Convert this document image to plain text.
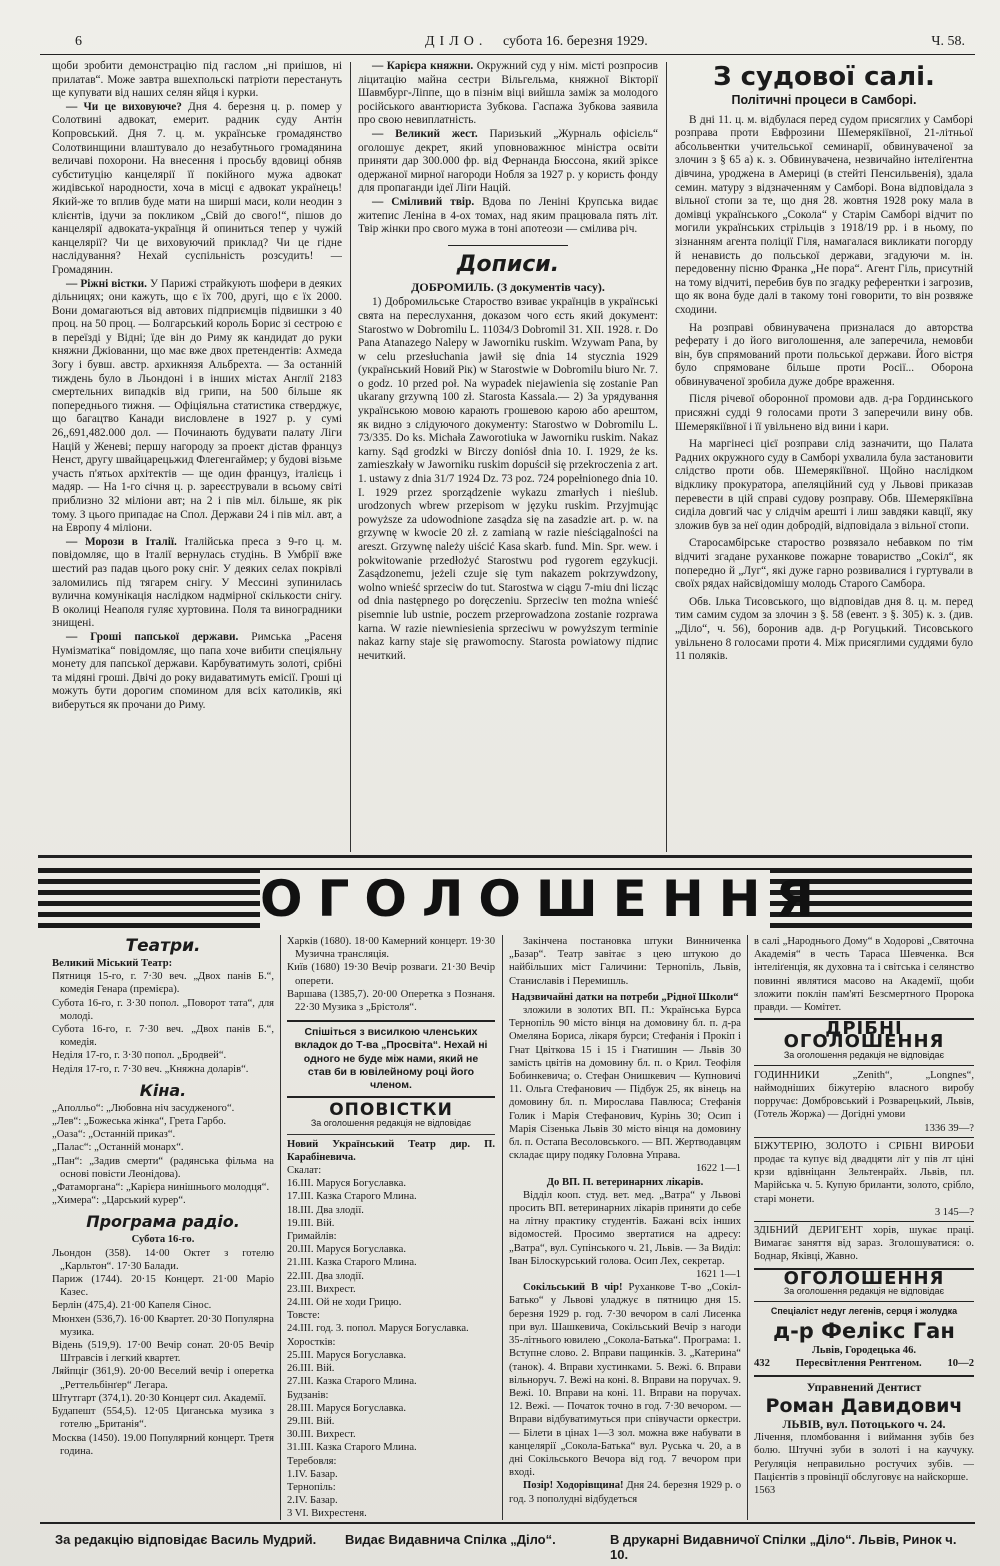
6	ДІЛО. субота 16. березня 1929.	Ч. 58.

щоби зробити демонстрацію під гаслом „ні приішов, ні прилатав“. Може завтра вшехпольскі патріоти перестануть ще купувати від наших селян яйця і курки.

— Чи це виховуюче? Дня 4. березня ц. р. помер у Солотвині адвокат, емерит. радник суду Антін Копровський. Дня 7. ц. м. українське громадянство Солотвинщини влаштувало до незабутнього громадянина величаві похорони. На внесення і просьбу вдовиці обняв субституцію канцелярії її покійного мужа адвокат жидівської народности, хоча в місці є адвокат українець! Який-же то вплив буде мати на ширші маси, коли неодин з клієнтів, ідучи за покликом „Свій до свого!“, пішов до канцелярії адвоката-українця й опиниться тепер у чужій канцелярії? Чи це виховуючий приклад? Чи це гідне наслідування? Нехай суспільність розсудить! — Громадянин.

— Ріжні вістки. У Парижі страйкують шофери в деяких дільницях; они кажуть, що є їх 700, другі, що є їх 2000. Вони домагаються від автових підприємців підвишки з 40 проц. на 50 проц. — Болгарський король Борис зі сестрою є в переїзді у Відні; їде він до Риму як кандидат до руки княжни Джіованни, що має вже двох претендентів: Ахмеда Зогу і бувш. австр. архикнязя Альбрехта. — За останній тиждень було в Льондоні і в інших містах Англії 2183 смертельних випадків від грипи, на 500 більше як попереднього тижня. — Офіціяльна статистика стверджує, що багацтво Канади висловлене в 1927 р. у сумі 26,,691,482.000 дол. — Починають будувати палату Ліги Націй у Женеві; першу нагороду за проект дістав француз Ненст, другу швайцарецьжид Флегенгаймер; у будові візьме участь п'ятьох архітектів — ще один француз, італієць і мадяр. — На 1-го січня ц. р. зареєстрували в всьому світі приблизно 32 міліони авт; на 2 і пів міл. більше, як рік тому. З цього припадає на Спол. Держави 24 і пів міл. авт, а на Европу 4 міліони.

— Морози в Італії. Італійська преса з 9-го ц. м. повідомляє, що в Італії вернулась студінь. В Умбрії вже шестий раз падав цього року сніг. У деяких селах покрівлі заломились під тягарем снігу. У Мессині зупинилась вулична комунікація наслідком надмірної скількости снігу. В околиці Неаполя гуляє хуртовина. Поля та виноградники знищені.

— Гроші папської держави. Римська „Расеня Нумізматіка“ повідомляє, що папа хоче вибити спеціяльну монету для папської держави. Карбуватимуть золоті, срібні та мідяні гроші. Двічі до року видаватимуть емісії. Гроші ці можуть бути дорогим спомином для всіх католиків, які виберуться як прочани до Риму.

— Карієра княжни. Окружний суд у нім. місті розпросив ліцитацію майна сестри Вільгельма, княжної Вікторії Шавмбург-Ліппе, що в пізнім віці вийшла заміж за молодого російського авантюриста Зубкова. Гаспажа Зубкова заявила про свою невиплатність.

— Великий жест. Паризький „Журналь офісієль“ оголошує декрет, який уповноважнює міністра освіти приняти дар 300.000 фр. від Фернанда Бюссона, який зріксе одержаної мирної нагороди Нобля за 1927 р. у користь фонду для пропаганди ідеї Ліґи Націй.

— Сміливий твір. Вдова по Леніні Крупська видає житепис Леніна в 4-ох томах, над яким працювала пять літ. Твір жінки про свого мужа в тоні апотеози — смілива річ.

Дописи.
ДОБРОМИЛЬ. (З документів часу).

1) Добромильське Староство взиває українців в українські свята на переслухання, доказом чого єсть який документ: Starostwo w Dobromilu L. 11034/3 Dobromil 31. XII. 1928. r. Do Pana Atanazego Nalepy w Jaworniku ruskim. Wzywam Pana, by w celu przesłuchania jawił się dnia 14 stycznia 1929 (український Новий Рік) w Starostwie w Dobromilu biuro Nr. 7. o godz. 10 przed poł. Na wypadek niejawienia się zostanie Pan ukarany grzywną 100 zł. Starosta Kassala.— 2) За урядування українською мовою карають грошевою карою або арештом, як видно з слідуючого документу: Starostwo w Dobromilu L. 73/335. Do ks. Michała Zaworotiuka w Jaworniku ruskim. Nakaz karny. Sąd grodzki w Birczy doniósł dnia 10. I. 1929, że ks. zamieszkały w Jaworniku ruskim dopuścił się przekroczenia z art. 1. ustawy z dnia 31/7 1924 Dz. 73 poz. 724 popełnionego dnia 10. I. 1929 przez sporządzenie wykazu zmarłych i nieślub. urodzonych wbrew przepisom w języku ruskim. Przyjmując powyższe za udowodnione zasądza się na zasadzie art. p. w. na grzywnę w kwocie 20 zł. z zamianą w razie nieściągalności na areszt. Grzywnę należy uiścić Kasa skarb. fund. Min. Spr. wew. i pokwitowanie przedłożyć Starostwu pod rygorem egzykucji. Zasądzonemu, jeżeli czuje się tym nakazem pokrzywdzony, wolno wnieść sprzeciw do tut. Starostwa w ciągu 7-miu dni licząc od dnia następnego po doręczeniu. Sprzeciw ten można wnieść pisemnie lub ustnie, poczem przeprowadzona zostanie rozprawa karna. W razie niewniesienia sprzeciwu w powyższym terminie nakaz karny staje się prawomocny. Starosta powiatowy підпис нечиткий.

З судової салі.
Політичні процеси в Самборі.

В дні 11. ц. м. відбулася перед судом присяглих у Самборі розправа проти Евфрозини Шемерякіївної, 21-літньої абсольвентки учительської семинарії, обвинуваченої за злочин з § 65 а) к. з. Обвинувачена, незвичайно інтеліґентна дівчина, уроджена в Америці (в стейті Пенсильвенія), здала семин. матуру з відзначенням у Самборі. Вона відповідала з вільної стопи за те, що дня 28. жовтня 1928 року мала в домівці українського „Сокола“ у Старім Самборі відчит по могили українських стрільців з 1918/19 рр. і в ньому, по зізнанням агента поліції Гіля, намагалася викликати погорду й ненависть до польської держави, згадуючи м. ін. передовенну пісню Франка „Не пора“. Агент Гіль, присутній на тому відчиті, перебив був по згадку референтки і загрозив, що як вона буде далі в такому тоні говорити, то він розвяже сходини.

На розправі обвинувачена призналася до авторства реферату і до його виголошення, але заперечила, немовби він, був спрямований проти польської держави. Його вістря було спрямоване більше проти Росії... Оборона обвинуваченої зробила дуже добре враження.

Після річевої оборонної промови адв. д-ра Гординського присяжні судді 9 голосами проти 3 заперечили вину обв. Шемерякіївної і її увільнено від вини і кари.

На маргінесі цієї розправи слід зазначити, що Палата Радних окружного суду в Самборі ухвалила була застановити слідство проти обв. Шемерякіївної. Щойно наслідком відклику прокуратора, апеляційний суд у Львові приказав перевести в цій справі судову розправу. Обв. Шемерякіївна сиділа довгий час у слідчім арешті і лиш завдяки кавції, яку зложив був за неї один добродій, відповідала з вільної стопи.

Старосамбірське староство розвязало небавком по тім відчиті згадане руханкове пожарне товариство „Сокіл“, як попередно й „Луг“, які дуже гарно розвивалися і гуртували в своїх рядах найсвідомішу молодь Старого Самбора.

Обв. Ілька Тисовського, що відповідав дня 8. ц. м. перед тим самим судом за злочин з §. 58 (евент. з §. 305) к. з. (див. „Діло“, ч. 56), боронив адв. д-р Рогуцький. Тисовського увільнено 8 голосами проти 4. Між присяглими суддями було 11 поляків.

ОГОЛОШЕННЯ
Театри.
Великий Міський Театр:
Пятниця 15-го, г. 7·30 веч. „Двох панів Б.“, комедія Генара (премієра).
Субота 16-го, г. 3·30 попол. „Поворот тата“, для молоді.
Субота 16-го, г. 7·30 веч. „Двох панів Б.“, комедія.
Неділя 17-го, г. 3·30 попол. „Бродвей“.
Неділя 17-го, г. 7·30 веч. „Княжна доларів“.
Кіна.
„Аполльо“: „Любовна ніч засудженого“.
„Лев“: „Божеська жінка“, Грета Гарбо.
„Оаза“: „Останній приказ“.
„Палас“: „Останній монарх“.
„Пан“: „Задив смерти“ (радянська фільма на основі повісти Леонідова).
„Фатаморгана“: „Карієра нинішнього молодця“.
„Химера“: „Царський курер“.
Програма радіо.
Субота 16-го.
Льондон (358). 14·00 Октет з готелю „Карльтон“. 17·30 Балади.
Париж (1744). 20·15 Концерт. 21·00 Маріо Казес.
Берлін (475,4). 21·00 Капеля Сінос.
Мюнхен (536,7). 16·00 Квартет. 20·30 Популярна музика.
Відень (519,9). 17·00 Вечір сонат. 20·05 Вечір Штравсів і легкий квартет.
Ляйпціг (361,9). 20·00 Веселий вечір і оперетка „Реттельбінґер“ Легара.
Штутгарт (374,1). 20·30 Концерт сил. Академії.
Будапешт (554,5). 12·05 Циганська музика з готелю „Британія“.
Москва (1450). 19.00 Популярний концерт. Третя година.
Харків (1680). 18·00 Камерний концерт. 19·30 Музична трансляція.
Київ (1680) 19·30 Вечір розваги. 21·30 Вечір оперети.
Варшава (1385,7). 20·00 Оперетка з Познаня. 22·30 Музика з „Брістоля“.
Спішіться з висилкою членських вкладок до Т-ва „Просвіта“. Нехай ні одного не буде між нами, який не став би в ювілейному році його членом.
ОПОВІСТКИ
За оголошення редакція не відповідає
Новий Український Театр дир. П. Карабіневича.
Скалат:
16.III. Маруся Богуславка.
17.III. Казка Старого Млина.
18.III. Два злодії.
19.III. Вій.
Гримайлів:
20.III. Маруся Богуславка.
21.III. Казка Старого Млина.
22.III. Два злодії.
23.III. Вихрест.
24.III. Ой не ходи Грицю.
Товсте:
24.III. год. 3. попол. Маруся Богуславка.
Хоростків:
25.III. Маруся Богуславка.
26.III. Вій.
27.III. Казка Старого Млина.
Будзанів:
28.III. Маруся Богуславка.
29.III. Вій.
30.III. Вихрест.
31.III. Казка Старого Млина.
Теребовля:
1.IV. Базар.
Тернопіль:
2.IV. Базар.
3 VI. Вихрестеня.

Закінчена постановка штуки Винниченка „Базар“. Театр завітає з цею штукою до найбільших міст Галичини: Тернопіль, Львів, Станиславів і Перемишль.

Надзвичайні датки на потреби „Рідної Школи“

зложили в золотих ВП. П.: Українська Бурса Тернопіль 90 місто вінця на домовину бл. п. д-ра Омеляна Бориса, лікаря бурси; Стефанія і Прокіп і Гнат Цвіткова 15 і 15 і Гнатишин — Львів 30 замість цвітів на домовину бл. п. о Крил. Теофіля Бобинкевича; о. Стефан Онишкевич — Купновичі 11. Ольга Стефанович — Підбуж 25, як вінець на домовину бл. п. Мирослава Павлюса; Стефанія Голик і Марія Стефанович, Курінь 30; Осип і Марія Сізенька Львів 30 місто вінця на домовину бл. п. Остапа Весоловського. — ВП. Жертводавцям складає щиру подяку Головна Управа.

1622 1—1
До ВП. П. ветеринарних лікарів.

Відділ кооп. студ. вет. мед. „Ватра“ у Львові просить ВП. ветеринарних лікарів приняти до себе на літну практику студентів. Бажані всіх інших відомостей. Просимо звертатися на адресу: „Ватра“, вул. Супінського ч. 21, Львів. — За Виділ: Іван Білоскурський голова. Осип Лех, секретар.

1621 1—1

Сокільський В чір! Руханкове Т-во „Сокіл-Батько“ у Львові уладжує в пятницю дня 15. березня 1929 р. год. 7·30 вечором в салі Лисенка при вул. Шашкевича, Сокільський Вечір з нагоди 35-літнього ювилею „Сокола-Батька“. Програма: 1. Вступне слово. 2. Вправи пащинків. 3. „Катерина“ (танок). 4. Вправи хустинками. 5. Вежі. 6. Вправи вільноруч. 7. Вежі на коні. 8. Вправи на поручах. 9. Вежі. 10. Вправи на коні. 11. Вправи на поручах. 12. Вежі. — Початок точно в год. 7·30 вечором. — Вправи відбуватимуться при співучасти оркестри. — Білети в цінах 1—3 зол. можна вже набувати в канцелярії „Сокола-Батька“ вул. Руська ч. 20, а в дні Сокільського Вечора від год. 7 вечором при вході.

Позір! Ходорівщина! Дня 24. березня 1929 р. о год. 3 пополудні відбудеться

в салі „Народнього Дому“ в Ходорові „Святочна Академія“ в честь Тараса Шевченка. Вся інтеліґенція, як духовна та і світська і селянство повинні являтися масово на Академії, щоби зложити поклін пам'яті Безсмертного Пророка правди. — Комітет.

ДРІБНІ ОГОЛОШЕННЯ
За оголошення редакція не відповідає

ГОДИННИКИ „Zenith“, „Longnes“, наймодніших біжутерію власного виробу порручає: Домбровський і Розварецький, Львів, (Готель Жоржа) — Догідні умови

1336 39—?

БІЖУТЕРІЮ, ЗОЛОТО і СРІБНІ ВИРОБИ продає та купує від двадцяти літ у пів лт ціні крзи вдівніцанн Зельтенрайх. Львів, пл. Марійська ч. 5. Купую бриланти, золото, срібло, старі монети.

3 145—?

ЗДІБНИЙ ДЕРИГЕНТ хорів, шукає праці. Вимагає заняття від зараз. Зголошуватися: о. Боднар, Яківці, Жавно.

ОГОЛОШЕННЯ
За оголошення редакція не відповідає
Спеціаліст недуг легенів, серця і жолудка
д-р Фелікс Ган
Львів, Городецька 46.
432 Пересвітлення Рентгеном. 10—2
Управнений Дентист
Роман Давидович
ЛЬВІВ, вул. Потоцького ч. 24.

Лічення, пломбовання і виймання зубів без болю. Штучні зуби в золоті і на каучуку. Реґуляція неправильно ростучих зубів. — Пацієнтів з провінції обслуговує на найскорше.

1563
За редакцію відповідає Василь Мудрий. Видає Видавнича Спілка „Діло“.	В друкарні Видавничої Спілки „Діло“. Львів, Ринок ч. 10.
